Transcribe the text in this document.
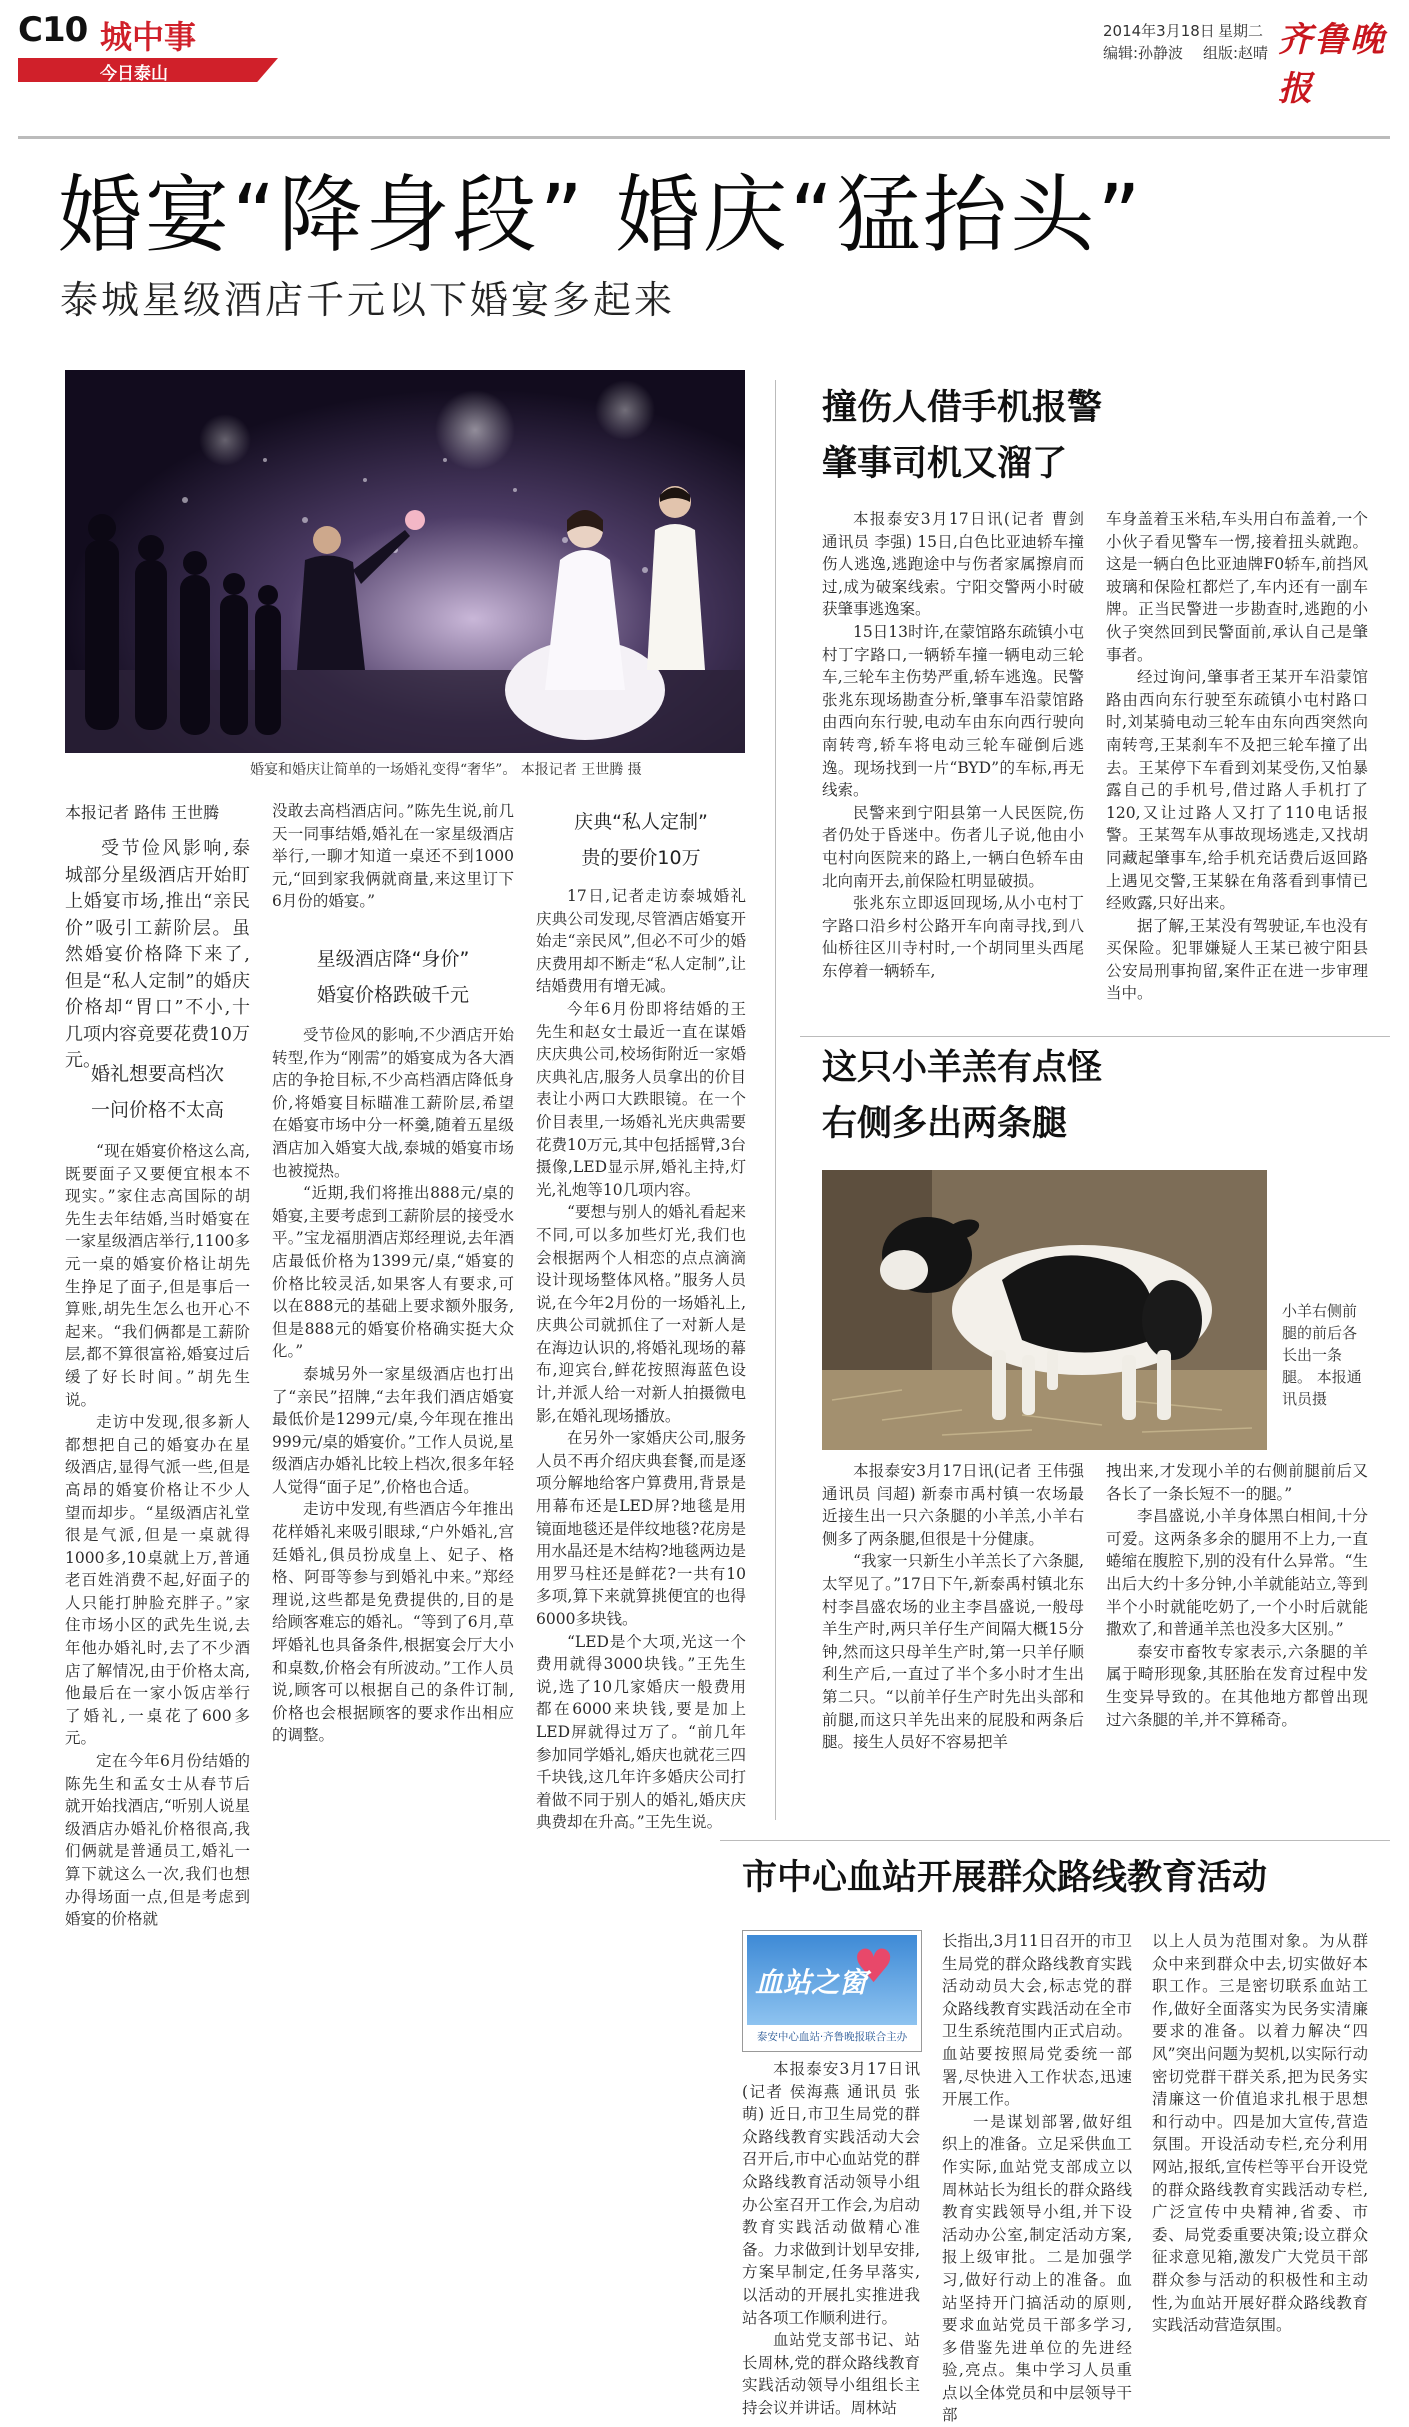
C10 城中事
今日泰山
2014年3月18日 星期二
编辑:孙静波 组版:赵晴 齐鲁晚报
婚宴“降身段” 婚庆“猛抬头”
泰城星级酒店千元以下婚宴多起来
婚宴和婚庆让简单的一场婚礼变得“奢华”。 本报记者 王世腾 摄
本报记者 路伟 王世腾

受节俭风影响,泰城部分星级酒店开始盯上婚宴市场,推出“亲民价”吸引工薪阶层。虽然婚宴价格降下来了,但是“私人定制”的婚庆价格却“胃口”不小,十几项内容竟要花费10万元。

婚礼想要高档次
一问价格不太高

“现在婚宴价格这么高,既要面子又要便宜根本不现实。”家住志高国际的胡先生去年结婚,当时婚宴在一家星级酒店举行,1100多元一桌的婚宴价格让胡先生挣足了面子,但是事后一算账,胡先生怎么也开心不起来。“我们俩都是工薪阶层,都不算很富裕,婚宴过后缓了好长时间。”胡先生说。

走访中发现,很多新人都想把自己的婚宴办在星级酒店,显得气派一些,但是高昂的婚宴价格让不少人望而却步。“星级酒店礼堂很是气派,但是一桌就得1000多,10桌就上万,普通老百姓消费不起,好面子的人只能打肿脸充胖子。”家住市场小区的武先生说,去年他办婚礼时,去了不少酒店了解情况,由于价格太高,他最后在一家小饭店举行了婚礼,一桌花了600多元。

定在今年6月份结婚的陈先生和孟女士从春节后就开始找酒店,“听别人说星级酒店办婚礼价格很高,我们俩就是普通员工,婚礼一算下就这么一次,我们也想办得场面一点,但是考虑到婚宴的价格就

没敢去高档酒店问。”陈先生说,前几天一同事结婚,婚礼在一家星级酒店举行,一聊才知道一桌还不到1000元,“回到家我俩就商量,来这里订下6月份的婚宴。”

星级酒店降“身价”
婚宴价格跌破千元

受节俭风的影响,不少酒店开始转型,作为“刚需”的婚宴成为各大酒店的争抢目标,不少高档酒店降低身价,将婚宴目标瞄准工薪阶层,希望在婚宴市场中分一杯羹,随着五星级酒店加入婚宴大战,泰城的婚宴市场也被搅热。

“近期,我们将推出888元/桌的婚宴,主要考虑到工薪阶层的接受水平。”宝龙福朋酒店郑经理说,去年酒店最低价格为1399元/桌,“婚宴的价格比较灵活,如果客人有要求,可以在888元的基础上要求额外服务,但是888元的婚宴价格确实挺大众化。”

泰城另外一家星级酒店也打出了“亲民”招牌,“去年我们酒店婚宴最低价是1299元/桌,今年现在推出999元/桌的婚宴价。”工作人员说,星级酒店办婚礼比较上档次,很多年轻人觉得“面子足”,价格也合适。

走访中发现,有些酒店今年推出花样婚礼来吸引眼球,“户外婚礼,宫廷婚礼,俱员扮成皇上、妃子、格格、阿哥等参与到婚礼中来。”郑经理说,这些都是免费提供的,目的是给顾客难忘的婚礼。“等到了6月,草坪婚礼也具备条件,根据宴会厅大小和桌数,价格会有所波动。”工作人员说,顾客可以根据自己的条件订制,价格也会根据顾客的要求作出相应的调整。

庆典“私人定制”
贵的要价10万

17日,记者走访泰城婚礼庆典公司发现,尽管酒店婚宴开始走“亲民风”,但必不可少的婚庆费用却不断走“私人定制”,让结婚费用有增无减。

今年6月份即将结婚的王先生和赵女士最近一直在谋婚庆庆典公司,校场街附近一家婚庆典礼店,服务人员拿出的价目表让小两口大跌眼镜。在一个价目表里,一场婚礼光庆典需要花费10万元,其中包括摇臂,3台摄像,LED显示屏,婚礼主持,灯光,礼炮等10几项内容。

“要想与别人的婚礼看起来不同,可以多加些灯光,我们也会根据两个人相恋的点点滴滴设计现场整体风格。”服务人员说,在今年2月份的一场婚礼上,庆典公司就抓住了一对新人是在海边认识的,将婚礼现场的幕布,迎宾台,鲜花按照海蓝色设计,并派人给一对新人拍摄微电影,在婚礼现场播放。

在另外一家婚庆公司,服务人员不再介绍庆典套餐,而是逐项分解地给客户算费用,背景是用幕布还是LED屏?地毯是用镜面地毯还是伴纹地毯?花房是用水晶还是木结构?地毯两边是用罗马柱还是鲜花?一共有10多项,算下来就算挑便宜的也得6000多块钱。

“LED是个大项,光这一个费用就得3000块钱。”王先生说,选了10几家婚庆一般费用都在6000来块钱,要是加上LED屏就得过万了。“前几年参加同学婚礼,婚庆也就花三四千块钱,这几年许多婚庆公司打着做不同于别人的婚礼,婚庆庆典费却在升高。”王先生说。

撞伤人借手机报警
肇事司机又溜了

本报泰安3月17日讯(记者 曹剑 通讯员 李强) 15日,白色比亚迪轿车撞伤人逃逸,逃跑途中与伤者家属擦肩而过,成为破案线索。宁阳交警两小时破获肇事逃逸案。

15日13时许,在蒙馆路东疏镇小屯村丁字路口,一辆轿车撞一辆电动三轮车,三轮车主伤势严重,轿车逃逸。民警张兆东现场勘查分析,肇事车沿蒙馆路由西向东行驶,电动车由东向西行驶向南转弯,轿车将电动三轮车碰倒后逃逸。现场找到一片“BYD”的车标,再无线索。

民警来到宁阳县第一人民医院,伤者仍处于昏迷中。伤者儿子说,他由小屯村向医院来的路上,一辆白色轿车由北向南开去,前保险杠明显破损。

张兆东立即返回现场,从小屯村丁字路口沿乡村公路开车向南寻找,到八仙桥往区川寺村时,一个胡同里头西尾东停着一辆轿车,

车身盖着玉米秸,车头用白布盖着,一个小伙子看见警车一愣,接着扭头就跑。这是一辆白色比亚迪牌F0轿车,前挡风玻璃和保险杠都烂了,车内还有一副车牌。正当民警进一步勘查时,逃跑的小伙子突然回到民警面前,承认自己是肇事者。

经过询问,肇事者王某开车沿蒙馆路由西向东行驶至东疏镇小屯村路口时,刘某骑电动三轮车由东向西突然向南转弯,王某刹车不及把三轮车撞了出去。王某停下车看到刘某受伤,又怕暴露自己的手机号,借过路人手机打了120,又让过路人又打了110电话报警。王某驾车从事故现场逃走,又找胡同藏起肇事车,给手机充话费后返回路上遇见交警,王某躲在角落看到事情已经败露,只好出来。

据了解,王某没有驾驶证,车也没有买保险。犯罪嫌疑人王某已被宁阳县公安局刑事拘留,案件正在进一步审理当中。

这只小羊羔有点怪
右侧多出两条腿
小羊右侧前腿的前后各长出一条腿。 本报通讯员摄

本报泰安3月17日讯(记者 王伟强 通讯员 闫超) 新泰市禹村镇一农场最近接生出一只六条腿的小羊羔,小羊右侧多了两条腿,但很是十分健康。

“我家一只新生小羊羔长了六条腿,太罕见了。”17日下午,新泰禹村镇北东村李昌盛农场的业主李昌盛说,一般母羊生产时,两只羊仔生产间隔大概15分钟,然而这只母羊生产时,第一只羊仔顺利生产后,一直过了半个多小时才生出第二只。“以前羊仔生产时先出头部和前腿,而这只羊先出来的屁股和两条后腿。接生人员好不容易把羊

拽出来,才发现小羊的右侧前腿前后又各长了一条长短不一的腿。”

李昌盛说,小羊身体黑白相间,十分可爱。这两条多余的腿用不上力,一直蜷缩在腹腔下,别的没有什么异常。“生出后大约十多分钟,小羊就能站立,等到半个小时就能吃奶了,一个小时后就能撒欢了,和普通羊羔也没多大区别。”

泰安市畜牧专家表示,六条腿的羊属于畸形现象,其胚胎在发育过程中发生变异导致的。在其他地方都曾出现过六条腿的羊,并不算稀奇。

市中心血站开展群众路线教育活动
♥
血站之窗
泰安中心血站·齐鲁晚报联合主办

本报泰安3月17日讯(记者 侯海燕 通讯员 张萌) 近日,市卫生局党的群众路线教育实践活动大会召开后,市中心血站党的群众路线教育活动领导小组办公室召开工作会,为启动教育实践活动做精心准备。力求做到计划早安排,方案早制定,任务早落实,以活动的开展扎实推进我站各项工作顺利进行。

血站党支部书记、站长周林,党的群众路线教育实践活动领导小组组长主持会议并讲话。周林站

长指出,3月11日召开的市卫生局党的群众路线教育实践活动动员大会,标志党的群众路线教育实践活动在全市卫生系统范围内正式启动。血站要按照局党委统一部署,尽快进入工作状态,迅速开展工作。

一是谋划部署,做好组织上的准备。立足采供血工作实际,血站党支部成立以周林站长为组长的群众路线教育实践领导小组,并下设活动办公室,制定活动方案,报上级审批。二是加强学习,做好行动上的准备。血站坚持开门搞活动的原则,要求血站党员干部多学习,多借鉴先进单位的先进经验,亮点。集中学习人员重点以全体党员和中层领导干部

以上人员为范围对象。为从群众中来到群众中去,切实做好本职工作。三是密切联系血站工作,做好全面落实为民务实清廉要求的准备。以着力解决“四风”突出问题为契机,以实际行动密切党群干群关系,把为民务实清廉这一价值追求扎根于思想和行动中。四是加大宣传,营造氛围。开设活动专栏,充分利用网站,报纸,宣传栏等平台开设党的群众路线教育实践活动专栏,广泛宣传中央精神,省委、市委、局党委重要决策;设立群众征求意见箱,激发广大党员干部群众参与活动的积极性和主动性,为血站开展好群众路线教育实践活动营造氛围。
